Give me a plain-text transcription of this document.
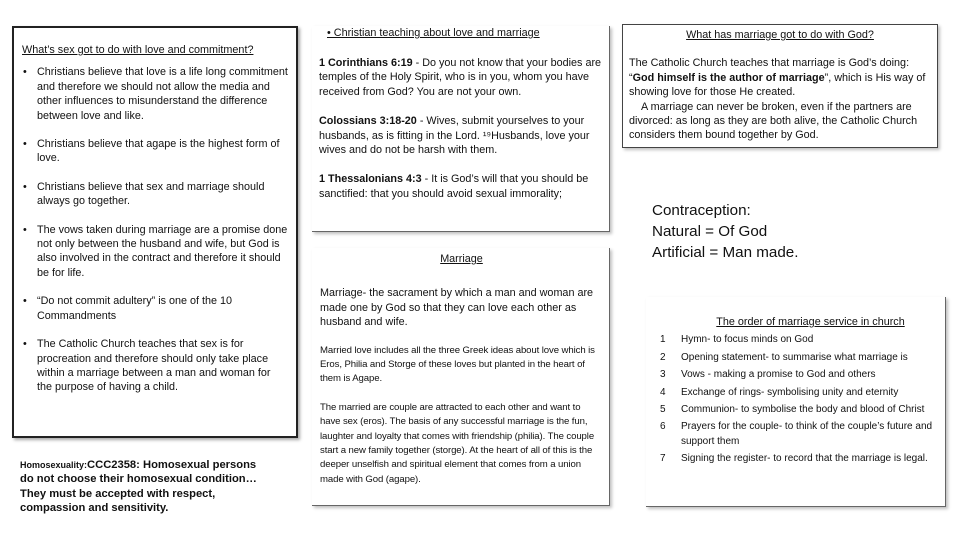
What’s sex got to do with love and commitment?
• Christians believe that love is a life long commitment and therefore we should not allow the media and other influences to misunderstand the difference between love and like.
• Christians believe that agape is the highest form of love.
• Christians believe that sex and marriage should always go together.
• The vows taken during marriage are a promise done not only between the husband and wife, but God is also involved in the contract and therefore it should be for life.
• “Do not commit adultery” is one of the 10 Commandments
• The Catholic Church teaches that sex is for procreation and therefore should only take place within a marriage between a man and woman for the purpose of having a child.
Homosexuality:CCC2358: Homosexual persons do not choose their homosexual condition…They must be accepted with respect, compassion and sensitivity.
• Christian teaching about love and marriage

1 Corinthians 6:19 - Do you not know that your bodies are temples of the Holy Spirit, who is in you, whom you have received from God? You are not your own.

Colossians 3:18-20 - Wives, submit yourselves to your husbands, as is fitting in the Lord. ¹⁹Husbands, love your wives and do not be harsh with them.

1 Thessalonians 4:3 - It is God’s will that you should be sanctified: that you should avoid sexual immorality;

Marriage

Marriage- the sacrament by which a man and woman are made one by God so that they can love each other as husband and wife.

Married love includes all the three Greek ideas about love which is Eros, Philia and Storge of these loves but planted in the heart of them is Agape.

The married are couple are attracted to each other and want to have sex (eros). The basis of any successful marriage is the fun, laughter and loyalty that comes with friendship (philia). The couple start a new family together (storge). At the heart of all of this is the deeper unselfish and spiritual element that comes from a union made with God (agape).

What has marriage got to do with God?

The Catholic Church teaches that marriage is God’s doing: “God himself is the author of marriage”, which is His way of showing love for those He created.

A marriage can never be broken, even if the partners are divorced: as long as they are both alive, the Catholic Church considers them bound together by God.

Contraception:
Natural = Of God
Artificial = Man made.
The order of marriage service in church
1	Hymn- to focus minds on God
2	Opening statement- to summarise what marriage is
3	Vows - making a promise to God and others
4	Exchange of rings- symbolising unity and eternity
5	Communion- to symbolise the body and blood of Christ
6	Prayers for the couple- to think of the couple’s future and support them
7	Signing the register- to record that the marriage is legal.
